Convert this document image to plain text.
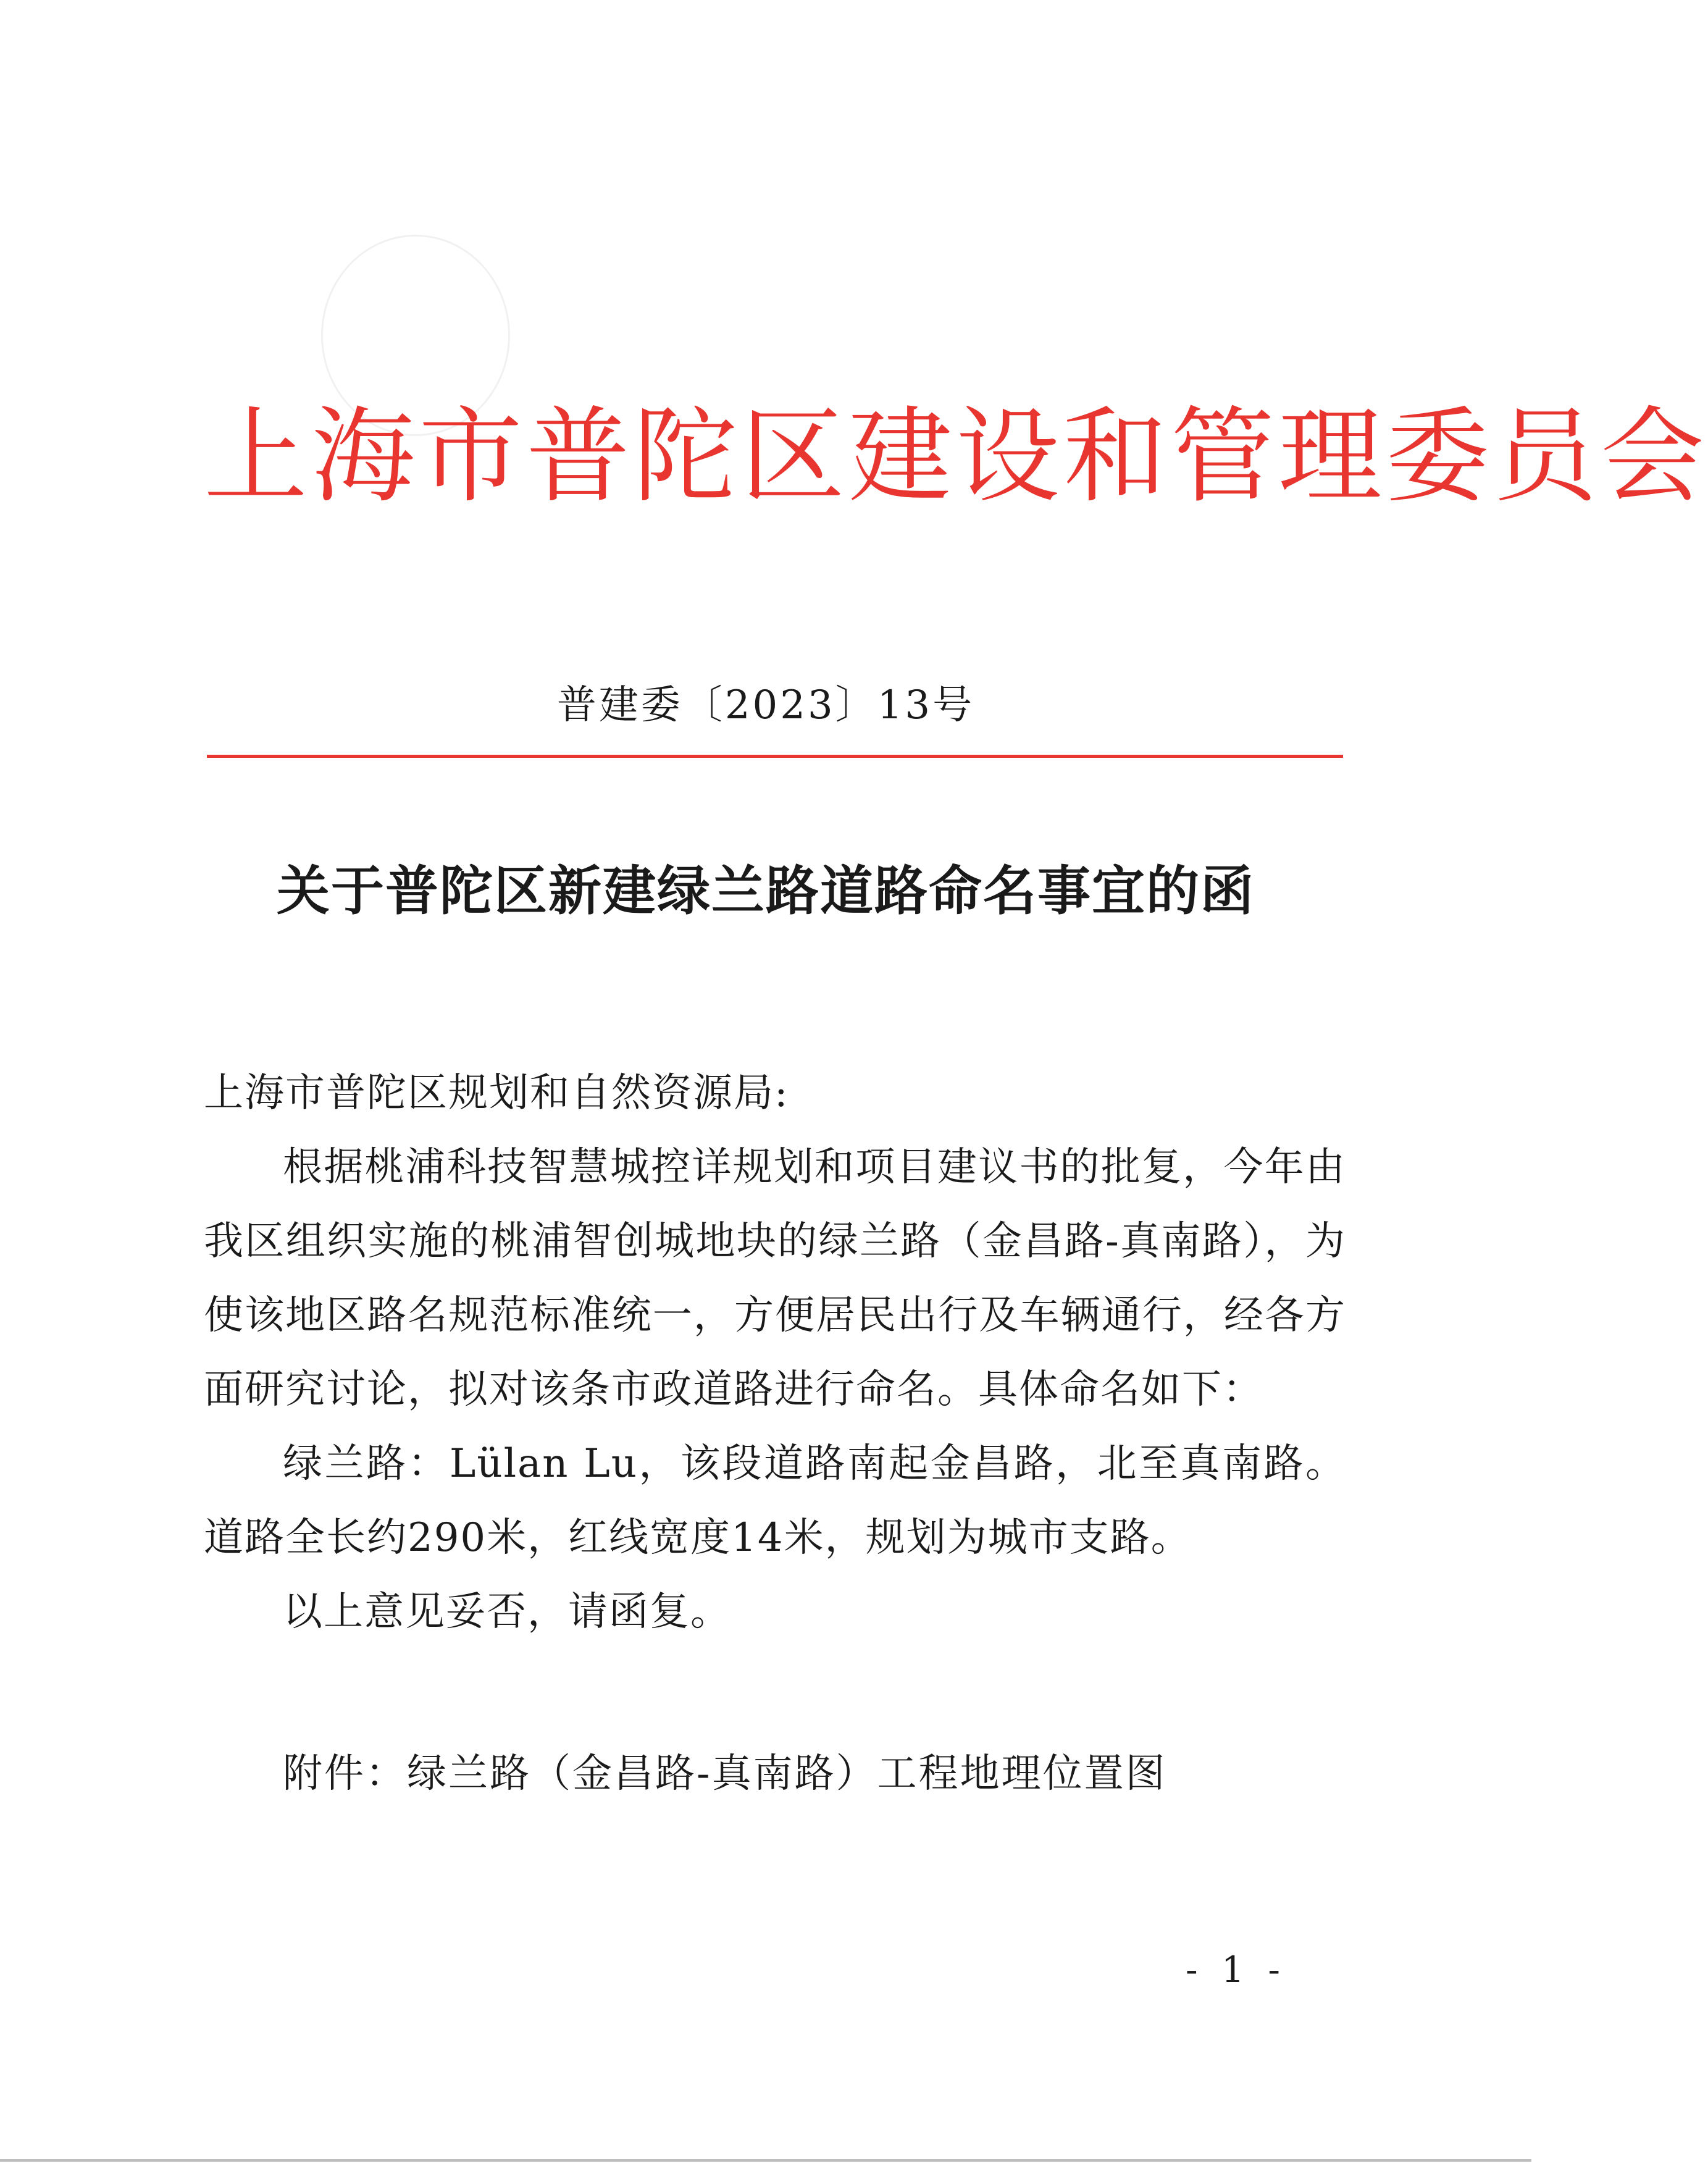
上海市普陀区建设和管理委员会
普建委〔2023〕13号
关于普陀区新建绿兰路道路命名事宜的函

上海市普陀区规划和自然资源局:

根据桃浦科技智慧城控详规划和项目建议书的批复，今年由我区组织实施的桃浦智创城地块的绿兰路（金昌路-真南路），为使该地区路名规范标准统一，方便居民出行及车辆通行，经各方面研究讨论，拟对该条市政道路进行命名。具体命名如下：

绿兰路：Lülan Lu，该段道路南起金昌路，北至真南路。道路全长约290米，红线宽度14米，规划为城市支路。

以上意见妥否，请函复。

附件：绿兰路（金昌路-真南路）工程地理位置图
- 1 -
